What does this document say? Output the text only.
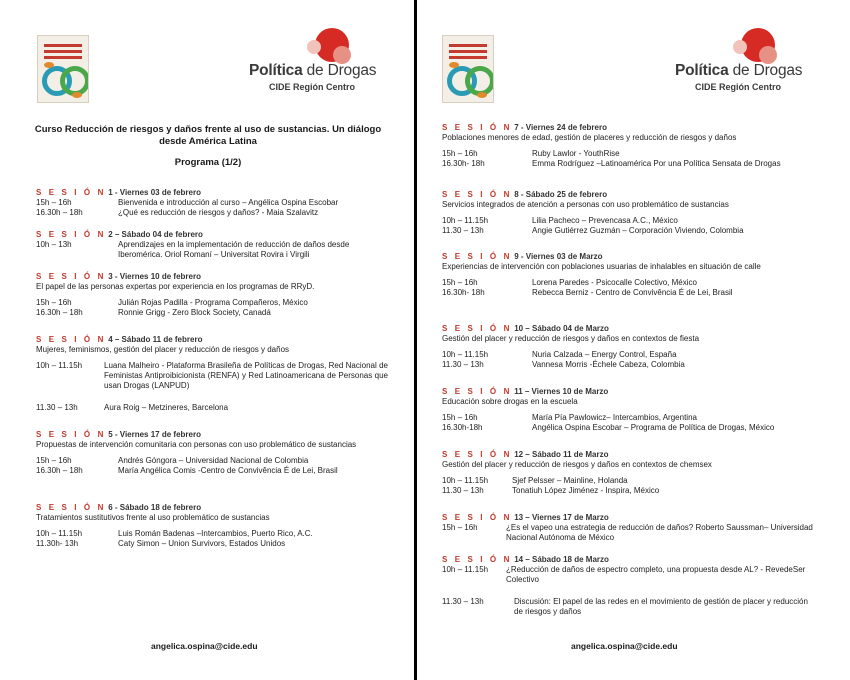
Política de Drogas
CIDE Región Centro
Curso Reducción de riesgos y daños frente al uso de sustancias. Un diálogo desde América Latina
Programa (1/2)
S E S I Ó N 1 - Viernes 03 de febrero
15h – 16h	Bienvenida e introducción al curso – Angélica Ospina Escobar
16.30h – 18h	¿Qué es reducción de riesgos y daños? - Maia Szalavitz
S E S I Ó N 2 – Sábado 04 de febrero
10h – 13h	Aprendizajes en la implementación de reducción de daños desde Iberomérica. Oriol Romaní – Universitat Rovira i Virgili
S E S I Ó N 3 - Viernes 10 de febrero
El papel de las personas expertas por experiencia en los programas de RRyD.
15h – 16h	Julián Rojas Padilla - Programa Compañeros, México
16.30h – 18h	Ronnie Grigg - Zero Block Society, Canadá
S E S I Ó N 4 – Sábado 11 de febrero
Mujeres, feminismos, gestión del placer y reducción de riesgos y daños
10h – 11.15h	Luana Malheiro - Plataforma Brasileña de Políticas de Drogas, Red Nacional de Feministas Antiproibicionista (RENFA) y Red Latinoamericana de Personas que usan Drogas (LANPUD)
11.30 – 13h	Aura Roig – Metzineres, Barcelona
S E S I Ó N 5 - Viernes 17 de febrero
Propuestas de intervención comunitaria con personas con uso problemático de sustancias
15h – 16h	Andrés Góngora – Universidad Nacional de Colombia
16.30h – 18h	María Angélica Comis -Centro de Convivência É de Lei, Brasil
S E S I Ó N 6 - Sábado 18 de febrero
Tratamientos sustitutivos frente al uso problemático de sustancias
10h – 11.15h	Luis Román Badenas –Intercambios, Puerto Rico, A.C.
11.30h- 13h	Caty Simon – Union Survivors, Estados Unidos
angelica.ospina@cide.edu
Política de Drogas
CIDE Región Centro
S E S I Ó N 7 - Viernes 24 de febrero
Poblaciones menores de edad, gestión de placeres y reducción de riesgos y daños
15h – 16h	Ruby Lawlor - YouthRise
16.30h- 18h	Emma Rodríguez –Latinoamérica Por una Política Sensata de Drogas
S E S I Ó N 8 - Sábado 25 de febrero
Servicios integrados de atención a personas con uso problemático de sustancias
10h – 11.15h	Lilia Pacheco – Prevencasa A.C., México
11.30 – 13h	Angie Gutiérrez Guzmán – Corporación Viviendo, Colombia
S E S I Ó N 9 - Viernes 03 de Marzo
Experiencias de intervención con poblaciones usuarias de inhalables en situación de calle
15h – 16h	Lorena Paredes - Psicocalle Colectivo, México
16.30h- 18h	Rebecca Berniz - Centro de Convivência É de Lei, Brasil
S E S I Ó N 10 – Sábado 04 de Marzo
Gestión del placer y reducción de riesgos y daños en contextos de fiesta
10h – 11.15h	Nuria Calzada – Energy Control, España
11.30 – 13h	Vannesa Morris -Échele Cabeza, Colombia
S E S I Ó N 11 – Viernes 10 de Marzo
Educación sobre drogas en la escuela
15h – 16h	María Pía Pawlowicz– Intercambios, Argentina
16.30h-18h	Angélica Ospina Escobar – Programa de Política de Drogas, México
S E S I Ó N 12 – Sábado 11 de Marzo
Gestión del placer y reducción de riesgos y daños en contextos de chemsex
10h – 11.15h	Sjef Pelsser – Mainline, Holanda
11.30 – 13h	Tonatiuh López Jiménez - Inspira, México
S E S I Ó N 13 – Viernes 17 de Marzo
15h – 16h	¿Es el vapeo una estrategia de reducción de daños? Roberto Saussman– Universidad Nacional Autónoma de México
S E S I Ó N 14 – Sábado 18 de Marzo
10h – 11.15h	¿Reducción de daños de espectro completo, una propuesta desde AL? - RevedeSer Colectivo
11.30 – 13h	Discusión: El papel de las redes en el movimiento de gestión de placer y reducción de riesgos y daños
angelica.ospina@cide.edu
